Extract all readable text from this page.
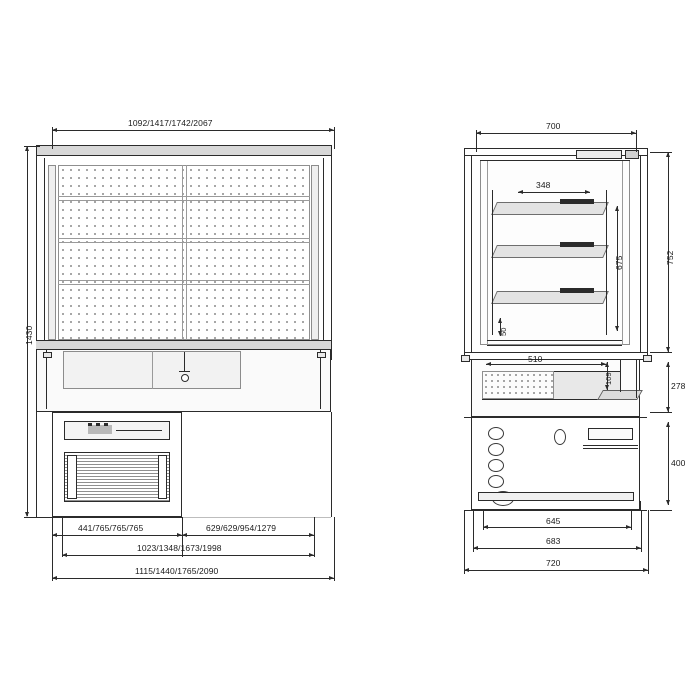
1092/1417/1742/2067
1430
441/765/765/765	629/629/954/1279
1023/1348/1673/1998
1115/1440/1765/2090
700
348
675	752
50
510
109
278
400
645
683
720
